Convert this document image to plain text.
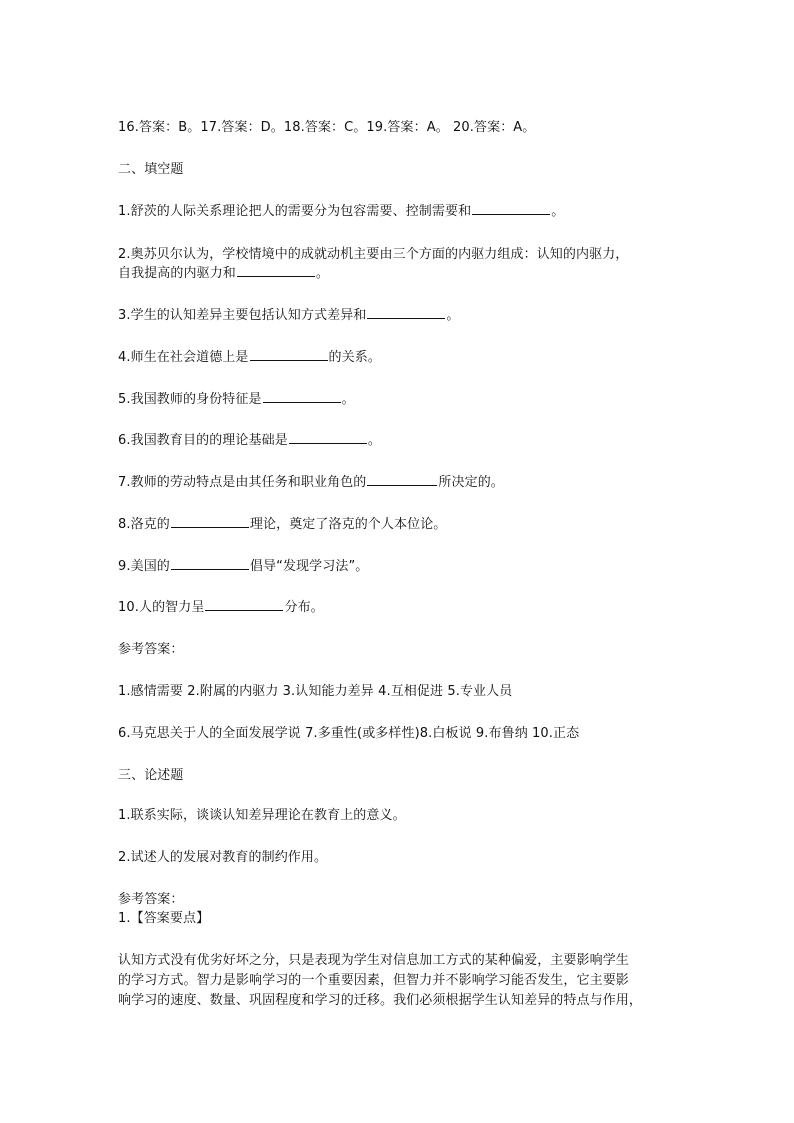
16.答案：B。17.答案：D。18.答案：C。19.答案：A。 20.答案：A。
二、填空题
1.舒茨的人际关系理论把人的需要分为包容需要、控制需要和	。
2.奥苏贝尔认为，学校情境中的成就动机主要由三个方面的内驱力组成：认知的内驱力，
自我提高的内驱力和	。
3.学生的认知差异主要包括认知方式差异和	。
4.师生在社会道德上是	的关系。
5.我国教师的身份特征是	。
6.我国教育目的的理论基础是	。
7.教师的劳动特点是由其任务和职业角色的	所决定的。
8.洛克的	理论，奠定了洛克的个人本位论。
9.美国的	倡导“发现学习法”。
10.人的智力呈	分布。
参考答案：
1.感情需要 2.附属的内驱力 3.认知能力差异 4.互相促进 5.专业人员
6.马克思关于人的全面发展学说 7.多重性(或多样性)8.白板说 9.布鲁纳 10.正态
三、论述题
1.联系实际，谈谈认知差异理论在教育上的意义。
2.试述人的发展对教育的制约作用。
参考答案：
1.【答案要点】
认知方式没有优劣好坏之分，只是表现为学生对信息加工方式的某种偏爱，主要影响学生
的学习方式。智力是影响学习的一个重要因素，但智力并不影响学习能否发生，它主要影
响学习的速度、数量、巩固程度和学习的迁移。我们必须根据学生认知差异的特点与作用，
